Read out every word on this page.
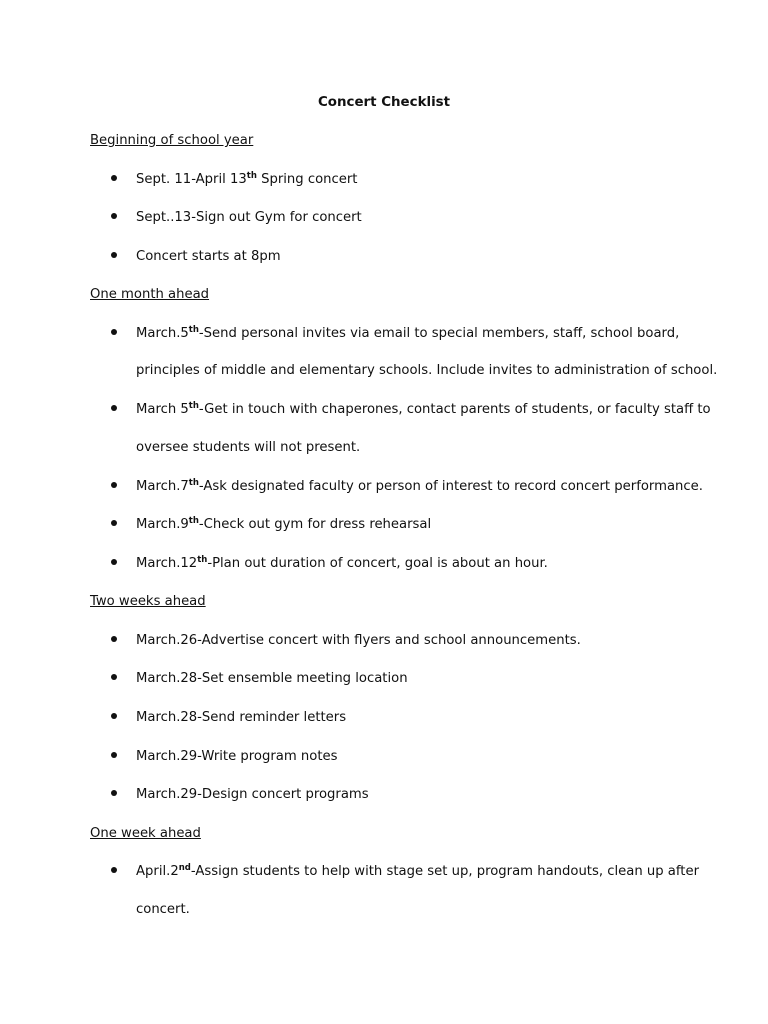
Concert Checklist
Beginning of school year
Sept. 11-April 13th Spring concert
Sept..13-Sign out Gym for concert
Concert starts at 8pm
One month ahead
March.5th-Send personal invites via email to special members, staff, school board,
principles of middle and elementary schools. Include invites to administration of school.
March 5th-Get in touch with chaperones, contact parents of students, or faculty staff to
oversee students will not present.
March.7th-Ask designated faculty or person of interest to record concert performance.
March.9th-Check out gym for dress rehearsal
March.12th-Plan out duration of concert, goal is about an hour.
Two weeks ahead
March.26-Advertise concert with flyers and school announcements.
March.28-Set ensemble meeting location
March.28-Send reminder letters
March.29-Write program notes
March.29-Design concert programs
One week ahead
April.2nd-Assign students to help with stage set up, program handouts, clean up after
concert.
